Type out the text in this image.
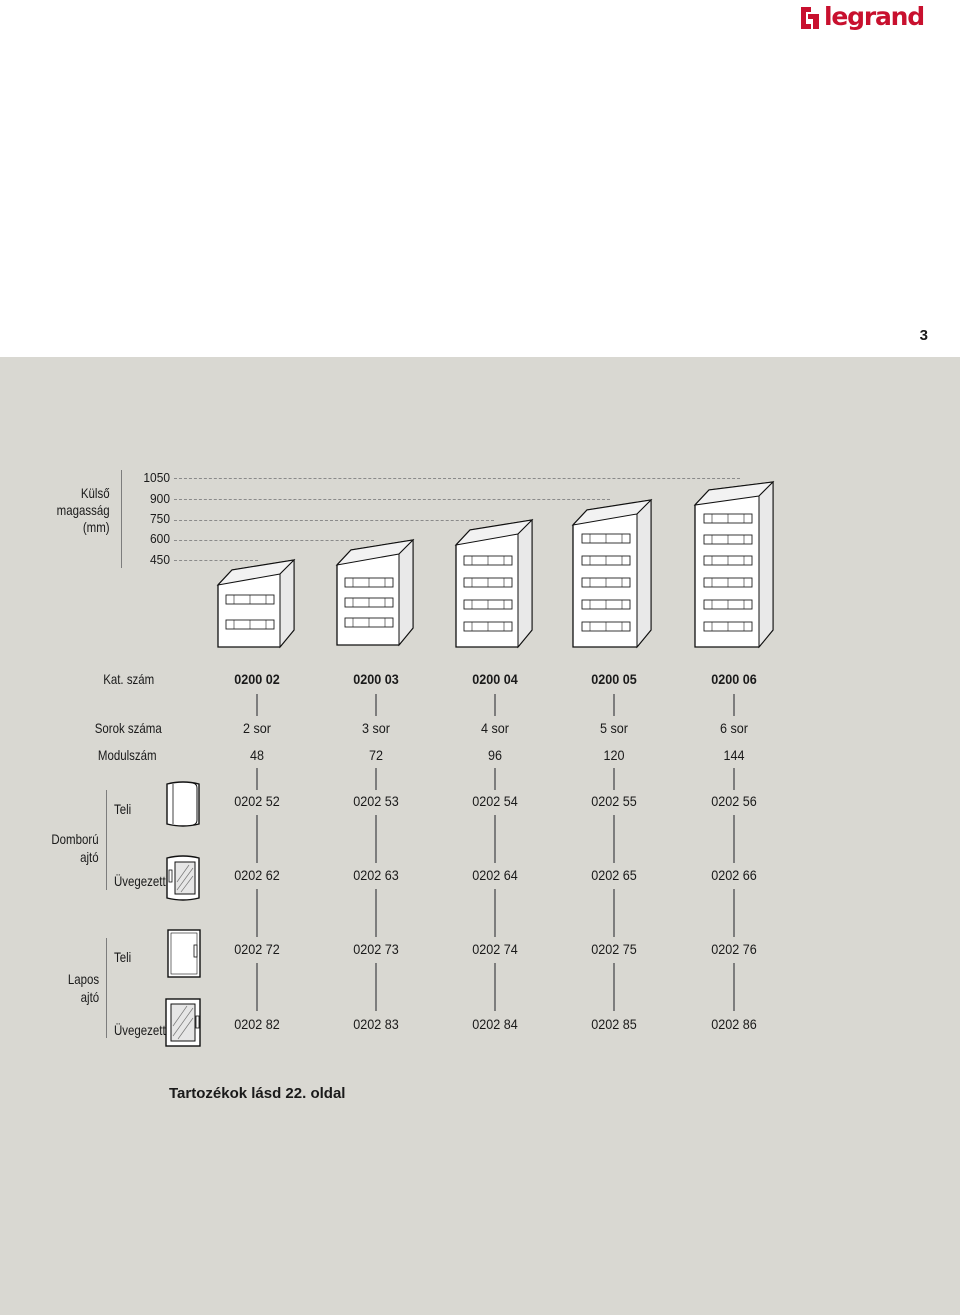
legrand
3
Külső
magasság
(mm)
1050
900
750
600
450
Kat. szám
Sorok száma
Modulszám
0200 02
2 sor
48
0202 52
0202 62
0202 72
0202 82
0200 03
3 sor
72
0202 53
0202 63
0202 73
0202 83
0200 04
4 sor
96
0202 54
0202 64
0202 74
0202 84
0200 05
5 sor
120
0202 55
0202 65
0202 75
0202 85
0200 06
6 sor
144
0202 56
0202 66
0202 76
0202 86
Domború
ajtó
Teli
Üvegezett
Lapos
ajtó
Teli
Üvegezett
Tartozékok lásd 22. oldal
